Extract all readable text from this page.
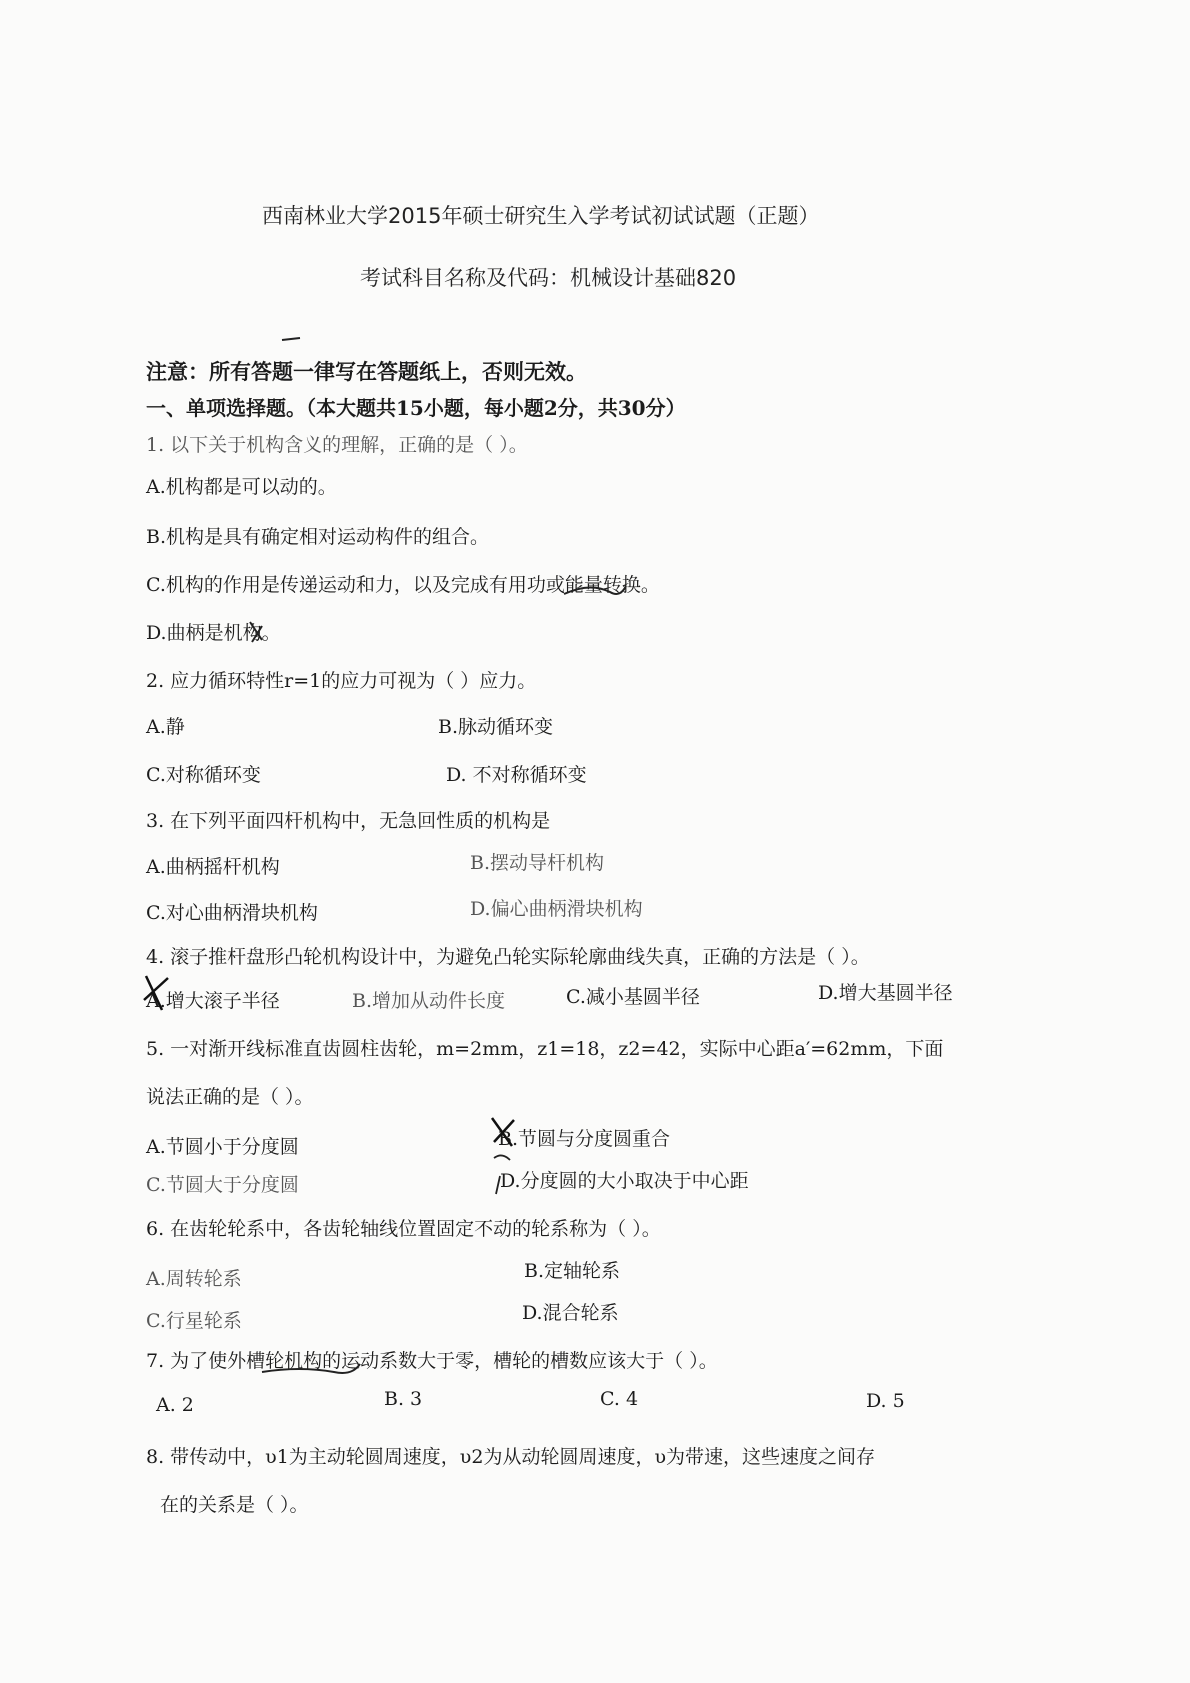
西南林业大学2015年硕士研究生入学考试初试试题（正题）
考试科目名称及代码：机械设计基础820
注意：所有答题一律写在答题纸上，否则无效。
一、单项选择题。（本大题共15小题，每小题2分，共30分）
1. 以下关于机构含义的理解，正确的是（ ）。
A.机构都是可以动的。
B.机构是具有确定相对运动构件的组合。
C.机构的作用是传递运动和力，以及完成有用功或能量转换。
D.曲柄是机构。
2. 应力循环特性r=1的应力可视为（ ）应力。
A.静	B.脉动循环变
C.对称循环变	D. 不对称循环变
3. 在下列平面四杆机构中，无急回性质的机构是
A.曲柄摇杆机构	B.摆动导杆机构
C.对心曲柄滑块机构	D.偏心曲柄滑块机构
4. 滚子推杆盘形凸轮机构设计中，为避免凸轮实际轮廓曲线失真，正确的方法是（ ）。
A.增大滚子半径	B.增加从动件长度	C.减小基圆半径	D.增大基圆半径
5. 一对渐开线标准直齿圆柱齿轮，m=2mm，z1=18，z2=42，实际中心距a′=62mm，下面
说法正确的是（ ）。
A.节圆小于分度圆	B.节圆与分度圆重合
C.节圆大于分度圆	D.分度圆的大小取决于中心距
6. 在齿轮轮系中，各齿轮轴线位置固定不动的轮系称为（ ）。
A.周转轮系	B.定轴轮系
C.行星轮系	D.混合轮系
7. 为了使外槽轮机构的运动系数大于零，槽轮的槽数应该大于（ ）。
A. 2	B. 3	C. 4	D. 5
8. 带传动中，υ1为主动轮圆周速度，υ2为从动轮圆周速度，υ为带速，这些速度之间存
在的关系是（ ）。
